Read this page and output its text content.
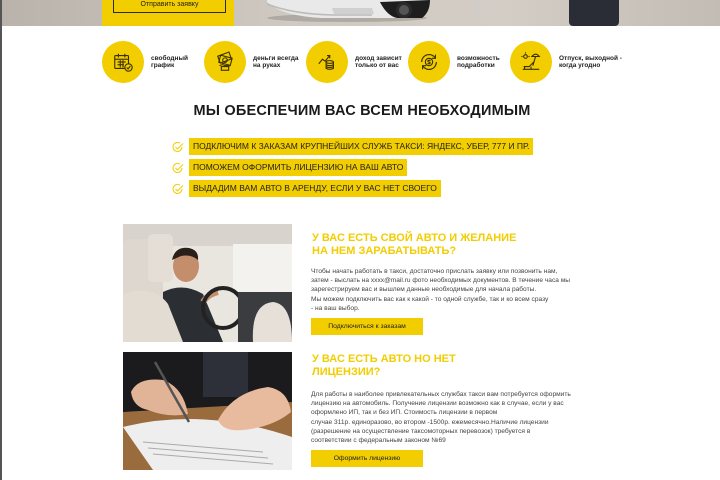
Отправить заявку
свободный
график
деньги всегда
на руках
доход зависит
только от вас
возможность
подработки
Отпуск, выходной -
когда угодно
МЫ ОБЕСПЕЧИМ ВАС ВСЕМ НЕОБХОДИМЫМ
ПОДКЛЮЧИМ К ЗАКАЗАМ КРУПНЕЙШИХ СЛУЖБ ТАКСИ: ЯНДЕКС, УБЕР, 777 И ПР.
ПОМОЖЕМ ОФОРМИТЬ ЛИЦЕНЗИЮ НА ВАШ АВТО
ВЫДАДИМ ВАМ АВТО В АРЕНДУ, ЕСЛИ У ВАС НЕТ СВОЕГО
У ВАС ЕСТЬ СВОЙ АВТО И ЖЕЛАНИЕ
НА НЕМ ЗАРАБАТЫВАТЬ?
Чтобы начать работать в такси, достаточно прислать заявку или позвонить нам,
затем - выслать на xxxx@mail.ru фото необходимых документов. В течение часа мы
зарегестрируем вас и вышлем данные необходимые для начала работы.
Мы можем подключить вас как к какой - то одной службе, так и ко всем сразу
- на ваш выбор.
Подключиться к заказам
У ВАС ЕСТЬ АВТО НО НЕТ
ЛИЦЕНЗИИ?
Для работы в наиболее привлекательных службах такси вам потребуется оформить
лицензию на автомобиль. Получение лицензии возможно как в случае, если у вас
оформлено ИП, так и без ИП. Стоимость лицензии в первом
случае 311р. единоразово, во втором -1500р. ежемесячно.Наличие лицензии
(разрешение на осуществление таксомоторных перевозок) требуется в
соответствии с федеральным законом №69
Оформить лицензию
